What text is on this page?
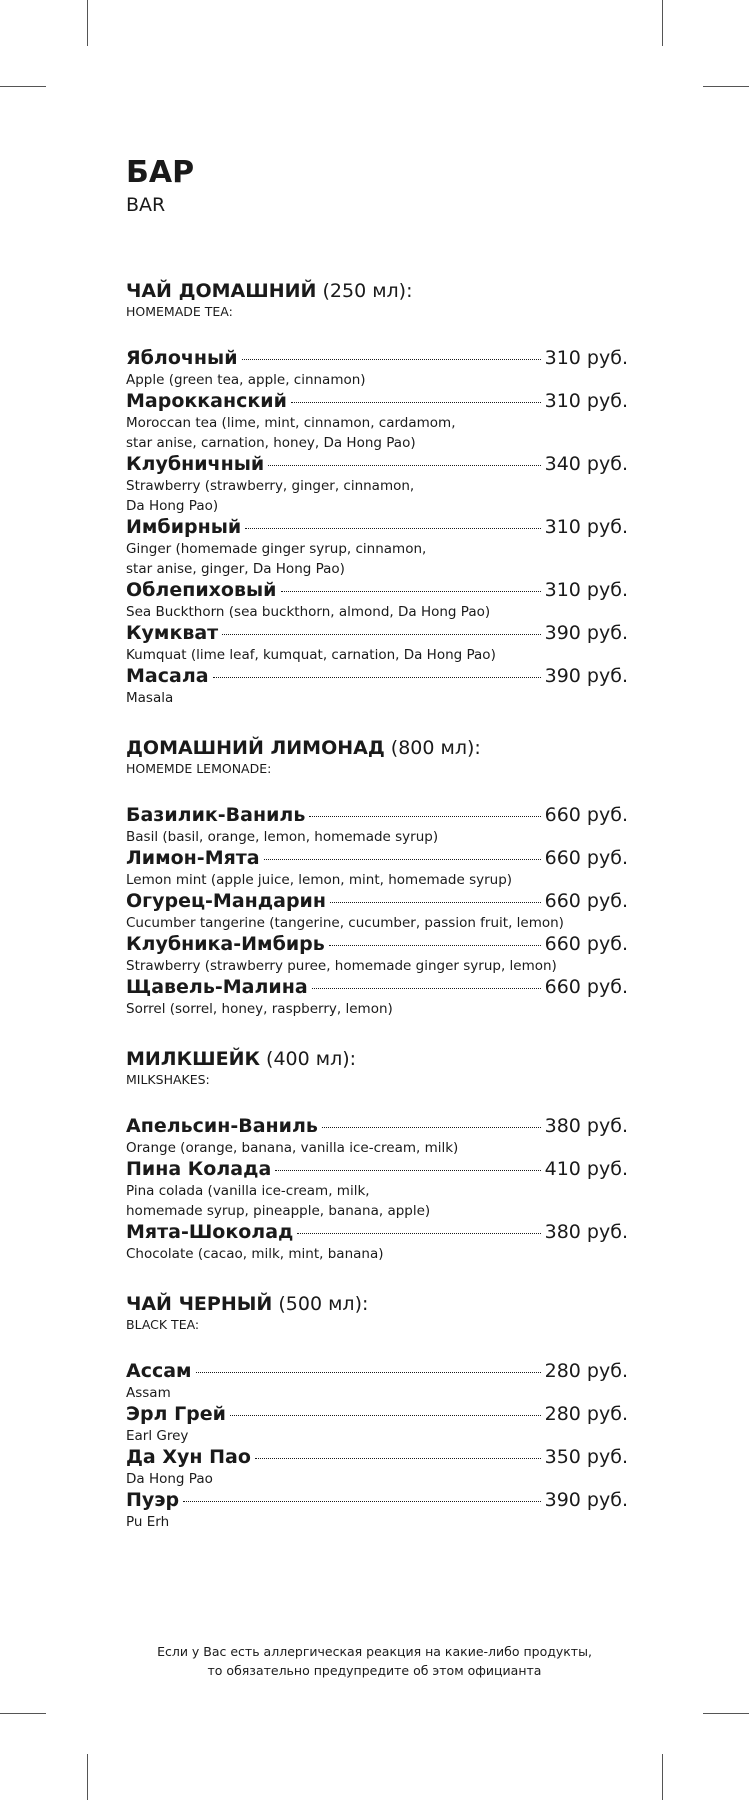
БАР
BAR
ЧАЙ ДОМАШНИЙ (250 мл):
HOMEMADE TEA:
Яблочный	310 руб.
Apple (green tea, apple, cinnamon)
Марокканский	310 руб.
Moroccan tea (lime, mint, cinnamon, cardamom,
star anise, carnation, honey, Da Hong Pao)
Клубничный	340 руб.
Strawberry (strawberry, ginger, cinnamon,
Da Hong Pao)
Имбирный	310 руб.
Ginger (homemade ginger syrup, cinnamon,
star anise, ginger, Da Hong Pao)
Облепиховый	310 руб.
Sea Buckthorn (sea buckthorn, almond, Da Hong Pao)
Кумкват	390 руб.
Kumquat (lime leaf, kumquat, carnation, Da Hong Pao)
Масала	390 руб.
Masala
ДОМАШНИЙ ЛИМОНАД (800 мл):
HOMEMDE LEMONADE:
Базилик-Ваниль	660 руб.
Basil (basil, orange, lemon, homemade syrup)
Лимон-Мята	660 руб.
Lemon mint (apple juice, lemon, mint, homemade syrup)
Огурец-Мандарин	660 руб.
Cucumber tangerine (tangerine, cucumber, passion fruit, lemon)
Клубника-Имбирь	660 руб.
Strawberry (strawberry puree, homemade ginger syrup, lemon)
Щавель-Малина	660 руб.
Sorrel (sorrel, honey, raspberry, lemon)
МИЛКШЕЙК (400 мл):
MILKSHAKES:
Апельсин-Ваниль	380 руб.
Orange (orange, banana, vanilla ice-cream, milk)
Пина Колада	410 руб.
Pina colada (vanilla ice-cream, milk,
homemade syrup, pineapple, banana, apple)
Мята-Шоколад	380 руб.
Chocolate (cacao, milk, mint, banana)
ЧАЙ ЧЕРНЫЙ (500 мл):
BLACK TEA:
Ассам	280 руб.
Assam
Эрл Грей	280 руб.
Earl Grey
Да Хун Пао	350 руб.
Da Hong Pao
Пуэр	390 руб.
Pu Erh
Если у Вас есть аллергическая реакция на какие-либо продукты,
то обязательно предупредите об этом официанта
